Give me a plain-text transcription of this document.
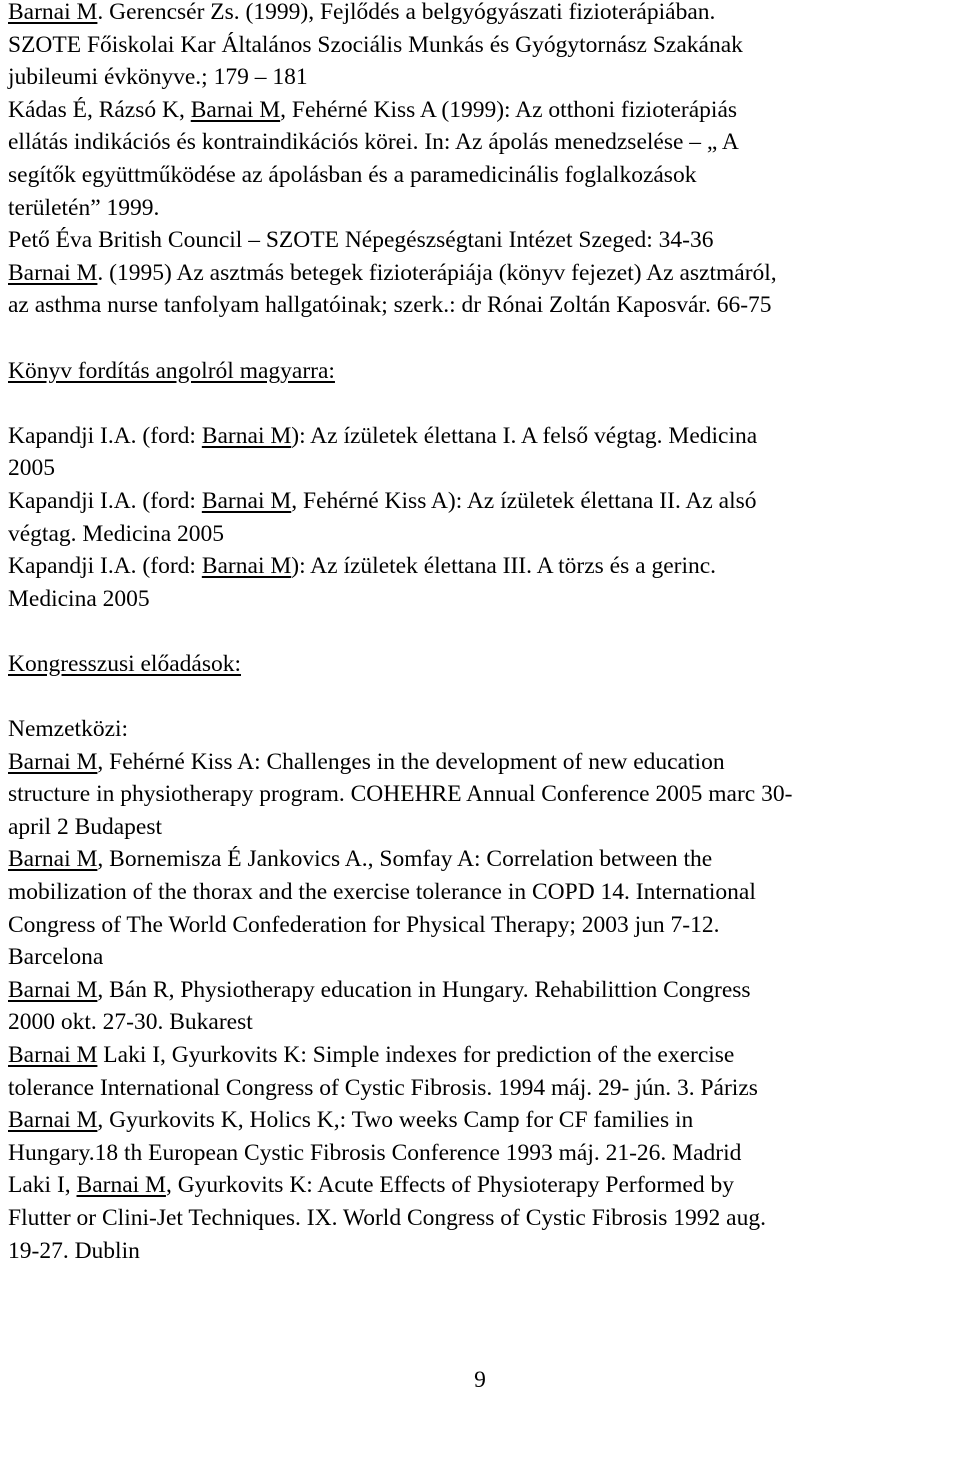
Barnai M. Gerencsér Zs. (1999), Fejlődés a belgyógyászati fizioterápiában.
SZOTE Főiskolai Kar Általános Szociális Munkás és Gyógytornász Szakának
jubileumi évkönyve.; 179 – 181
Kádas É, Rázsó K, Barnai M, Fehérné Kiss A (1999): Az otthoni fizioterápiás
ellátás indikációs és kontraindikációs körei. In: Az ápolás menedzselése – „ A
segítők együttműködése az ápolásban és a paramedicinális foglalkozások
területén” 1999.
Pető Éva British Council – SZOTE Népegészségtani Intézet Szeged: 34-36
Barnai M. (1995) Az asztmás betegek fizioterápiája (könyv fejezet) Az asztmáról,
az asthma nurse tanfolyam hallgatóinak; szerk.: dr Rónai Zoltán Kaposvár. 66-75
Könyv fordítás angolról magyarra:
Kapandji I.A. (ford: Barnai M): Az ízületek élettana I. A felső végtag. Medicina
2005
Kapandji I.A. (ford: Barnai M, Fehérné Kiss A): Az ízületek élettana II. Az alsó
végtag. Medicina 2005
Kapandji I.A. (ford: Barnai M): Az ízületek élettana III. A törzs és a gerinc.
Medicina 2005
Kongresszusi előadások:
Nemzetközi:
Barnai M, Fehérné Kiss A: Challenges in the development of new education
structure in physiotherapy program. COHEHRE Annual Conference 2005 marc 30-
april 2 Budapest
Barnai M, Bornemisza É Jankovics A., Somfay A: Correlation between the
mobilization of the thorax and the exercise tolerance in COPD 14. International
Congress of The World Confederation for Physical Therapy; 2003 jun 7-12.
Barcelona
Barnai M, Bán R, Physiotherapy education in Hungary. Rehabilittion Congress
2000 okt. 27-30. Bukarest
Barnai M Laki I, Gyurkovits K: Simple indexes for prediction of the exercise
tolerance International Congress of Cystic Fibrosis. 1994 máj. 29- jún. 3. Párizs
Barnai M, Gyurkovits K, Holics K,: Two weeks Camp for CF families in
Hungary.18 th European Cystic Fibrosis Conference 1993 máj. 21-26. Madrid
Laki I, Barnai M, Gyurkovits K: Acute Effects of Physioterapy Performed by
Flutter or Clini-Jet Techniques. IX. World Congress of Cystic Fibrosis 1992 aug.
19-27. Dublin
9
